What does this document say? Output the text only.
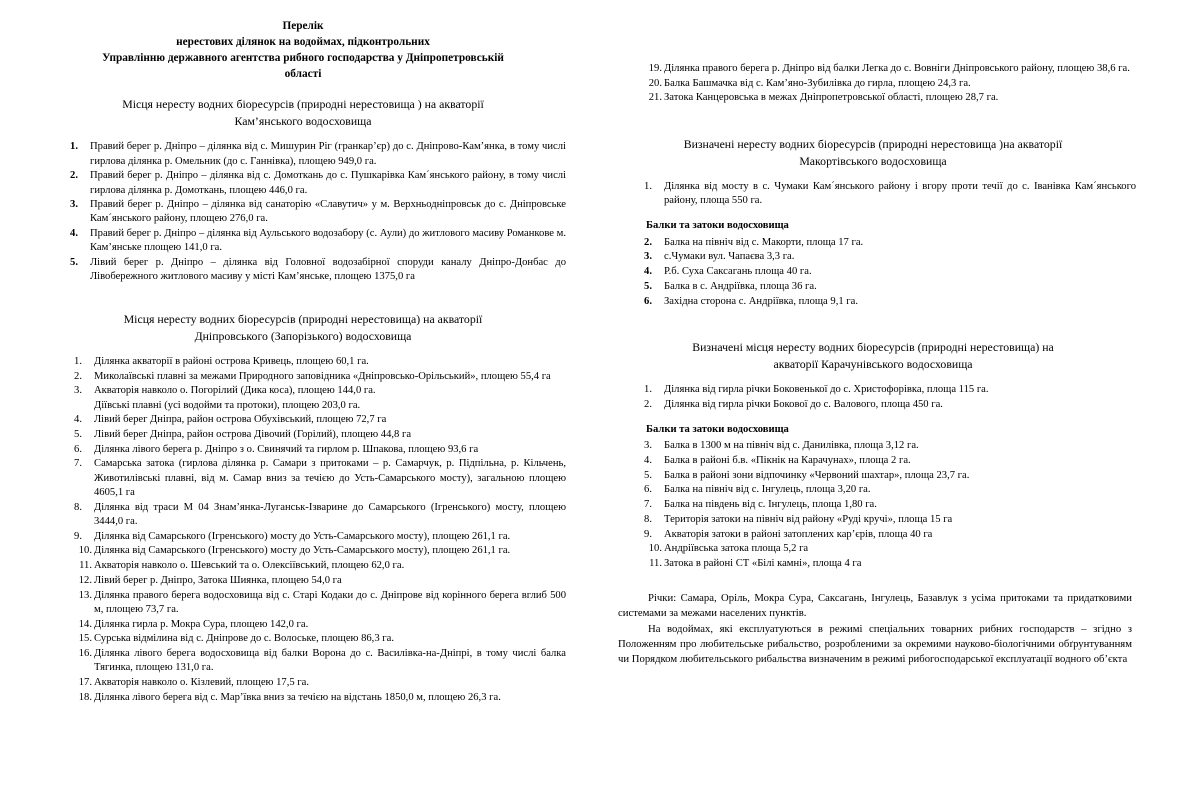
Перелік
нерестових ділянок на водоймах, підконтрольних
Управлінню державного агентства рибного господарства у Дніпропетровській
області
Місця нересту водних біоресурсів (природні нерестовища ) на акваторії
Кам’янського водосховища
1. Правий берег р. Дніпро – ділянка від с. Мишурин Ріг (гранкар’єр) до с. Дніпрово-Кам’янка, в тому числі гирлова ділянка р. Омельник (до с. Ганнівка), площею 949,0 га.
2. Правий берег р. Дніпро – ділянка від с. Домоткань до с. Пушкарівка Кам´янського району, в тому числі гирлова ділянка р. Домоткань, площею 446,0 га.
3. Правий берег р. Дніпро – ділянка від санаторію «Славутич» у м. Верхньодніпровськ до с. Дніпровське Кам´янського району, площею 276,0 га.
4. Правий берег р. Дніпро – ділянка від Аульського водозабору (с. Аули) до житлового масиву Романкове м. Кам’янське площею 141,0 га.
5. Лівий берег р. Дніпро – ділянка від Головної водозабірної споруди каналу Дніпро-Донбас до Лівобережного житлового масиву у місті Кам’янське, площею 1375,0 га
Місця нересту водних біоресурсів (природні нерестовища) на акваторії
Дніпровського (Запорізького) водосховища
1. Ділянка акваторії в районі острова Кривець, площею 60,1 га.
2. Миколаївські плавні за межами Природного заповідника «Дніпровсько-Орільський», площею 55,4 га
3. Акваторія навколо о. Погорілий (Дика коса), площею 144,0 га.
Діївські плавні (усі водойми та протоки), площею 203,0 га.
4. Лівий берег Дніпра, район острова Обухівський, площею 72,7 га
5. Лівий берег Дніпра, район острова Дівочий (Горілий), площею 44,8 га
6. Ділянка лівого берега р. Дніпро з о. Свинячий та гирлом р. Шпакова, площею 93,6 га
7. Самарська затока (гирлова ділянка р. Самари з притоками – р. Самарчук, р. Підпільна, р. Кільчень, Животилівські плавні, від м. Самар вниз за течією до Усть-Самарського мосту), загальною площею 4605,1 га
8. Ділянка від траси М 04 Знам’янка-Луганськ-Ізварине до Самарського (Ігренського) мосту, площею 3444,0 га.
9. Ділянка від Самарського (Ігренського) мосту до Усть-Самарського мосту), площею 261,1 га.
10. Ділянка від Самарського (Ігренського) мосту до Усть-Самарського мосту), площею 261,1 га.
11. Акваторія навколо о. Шевський та о. Олексіївський, площею 62,0 га.
12. Лівий берег р. Дніпро, Затока Шиянка, площею 54,0 га
13. Ділянка правого берега водосховища від с. Старі Кодаки до с. Дніпрове від корінного берега вглиб 500 м, площею 73,7 га.
14. Ділянка гирла р. Мокра Сура, площею 142,0 га.
15. Сурська відмілина від с. Дніпрове до с. Волоське, площею 86,3 га.
16. Ділянка лівого берега водосховища від балки Ворона до с. Василівка-на-Дніпрі, в тому числі балка Тягинка, площею 131,0 га.
17. Акваторія навколо о. Кізлевий, площею 17,5 га.
18. Ділянка лівого берега від с. Мар’ївка вниз за течією на відстань 1850,0 м, площею 26,3 га.
19. Ділянка правого берега р. Дніпро від балки Легка до с. Вовніги Дніпровського району, площею 38,6 га.
20. Балка Башмачка від с. Кам’яно-Зубилівка до гирла, площею 24,3 га.
21. Затока Канцеровська в межах Дніпропетровської області, площею 28,7 га.
Визначені нересту водних біоресурсів (природні нерестовища )на акваторії
Макортівського водосховища
1. Ділянка від мосту в с. Чумаки Кам´янського району і вгору проти течії до с. Іванівка Кам´янського району, площа 550 га.
Балки та затоки водосховища
2. Балка на північ від с. Макорти, площа 17 га.
3. с.Чумаки вул. Чапаєва 3,3 га.
4. Р.б. Суха Саксагань площа 40 га.
5. Балка в с. Андріївка, площа 36 га.
6. Західна сторона с. Андріївка, площа 9,1 га.
Визначені місця нересту водних біоресурсів (природні нерестовища) на
акваторії Карачунівського водосховища
1. Ділянка від гирла річки Боковенької до с. Христофорівка, площа 115 га.
2. Ділянка від гирла річки Бокової до с. Валового, площа 450 га.
Балки та затоки водосховища
3. Балка в 1300 м на північ від с. Данилівка, площа 3,12 га.
4. Балка в районі б.в. «Пікнік на Карачунах», площа 2 га.
5. Балка в районі зони відпочинку «Червоний шахтар», площа 23,7 га.
6. Балка на північ від с. Інгулець, площа 3,20 га.
7. Балка на південь від с. Інгулець, площа 1,80 га.
8. Територія затоки на північ від району «Руді кручі», площа 15 га
9. Акваторія затоки в районі затоплених кар’єрів, площа 40 га
10. Андріївська затока площа 5,2 га
11. Затока в районі СТ «Білі камні», площа 4 га

Річки: Самара, Оріль, Мокра Сура, Саксагань, Інгулець, Базавлук з усіма притоками та придатковими системами за межами населених пунктів.

На водоймах, які експлуатуються в режимі спеціальних товарних рибних господарств – згідно з Положенням про любительське рибальство, розробленими за окремими науково-біологічними обґрунтуванням чи Порядком любительського рибальства визначеним в режимі рибогосподарської експлуатації водного об’єкта
